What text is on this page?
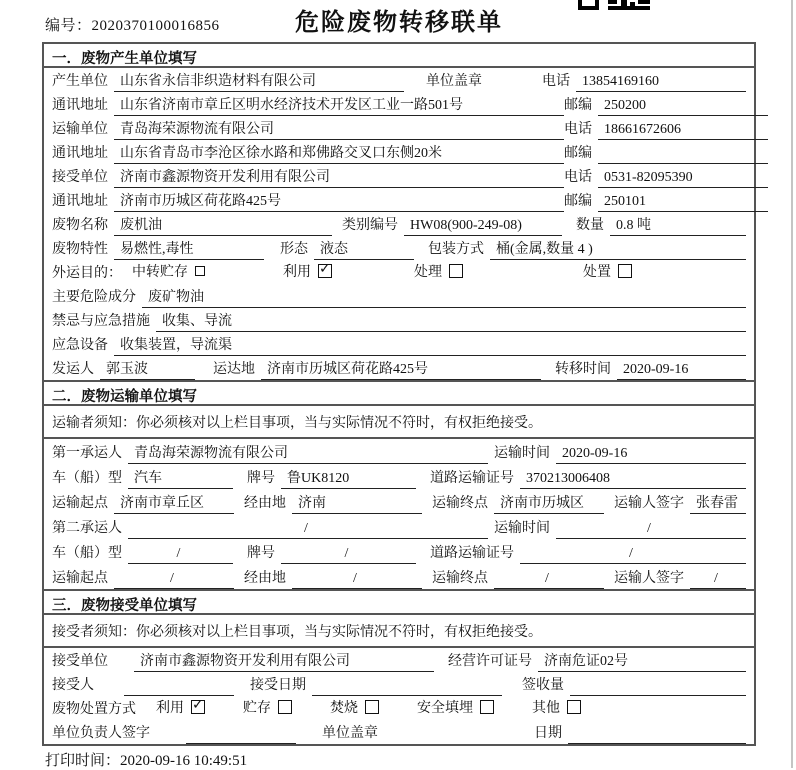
危险废物转移联单
编号：2020370100016856
一．废物产生单位填写
产生单位 山东省永信非织造材料有限公司	单位盖章	电话 13854169160
通讯地址 山东省济南市章丘区明水经济技术开发区工业一路501号	邮编 250200
运输单位 青岛海荣源物流有限公司	电话 18661672606
通讯地址 山东省青岛市李沧区徐水路和郑佛路交叉口东侧20米	邮编
接受单位 济南市鑫源物资开发利用有限公司	电话 0531-82095390
通讯地址 济南市历城区荷花路425号	邮编 250101
废物名称 废机油	类别编号 HW08(900-249-08)	数量 0.8 吨
废物特性 易燃性,毒性	形态 液态	包装方式 桶(金属,数量 4 )
外运目的： 中转贮存	利用 ✓	处理	处置
主要危险成分 废矿物油
禁忌与应急措施 收集、导流
应急设备 收集装置，导流渠
发运人 郭玉波	运达地 济南市历城区荷花路425号	转移时间 2020-09-16
二．废物运输单位填写
运输者须知：你必须核对以上栏目事项，当与实际情况不符时，有权拒绝接受。
第一承运人 青岛海荣源物流有限公司	运输时间 2020-09-16
车（船）型 汽车	牌号 鲁UK8120	道路运输证号 370213006408
运输起点 济南市章丘区	经由地 济南	运输终点 济南市历城区	运输人签字 张春雷
第二承运人	/	运输时间	/
车（船）型	/	牌号	/	道路运输证号	/
运输起点	/	经由地	/	运输终点	/	运输人签字	/
三．废物接受单位填写
接受者须知：你必须核对以上栏目事项，当与实际情况不符时，有权拒绝接受。
接受单位	济南市鑫源物资开发利用有限公司	经营许可证号 济南危证02号
接受人	接受日期	签收量
废物处置方式	利用 ✓	贮存	焚烧	安全填埋	其他
单位负责人签字	单位盖章	日期
打印时间：2020-09-16 10:49:51
